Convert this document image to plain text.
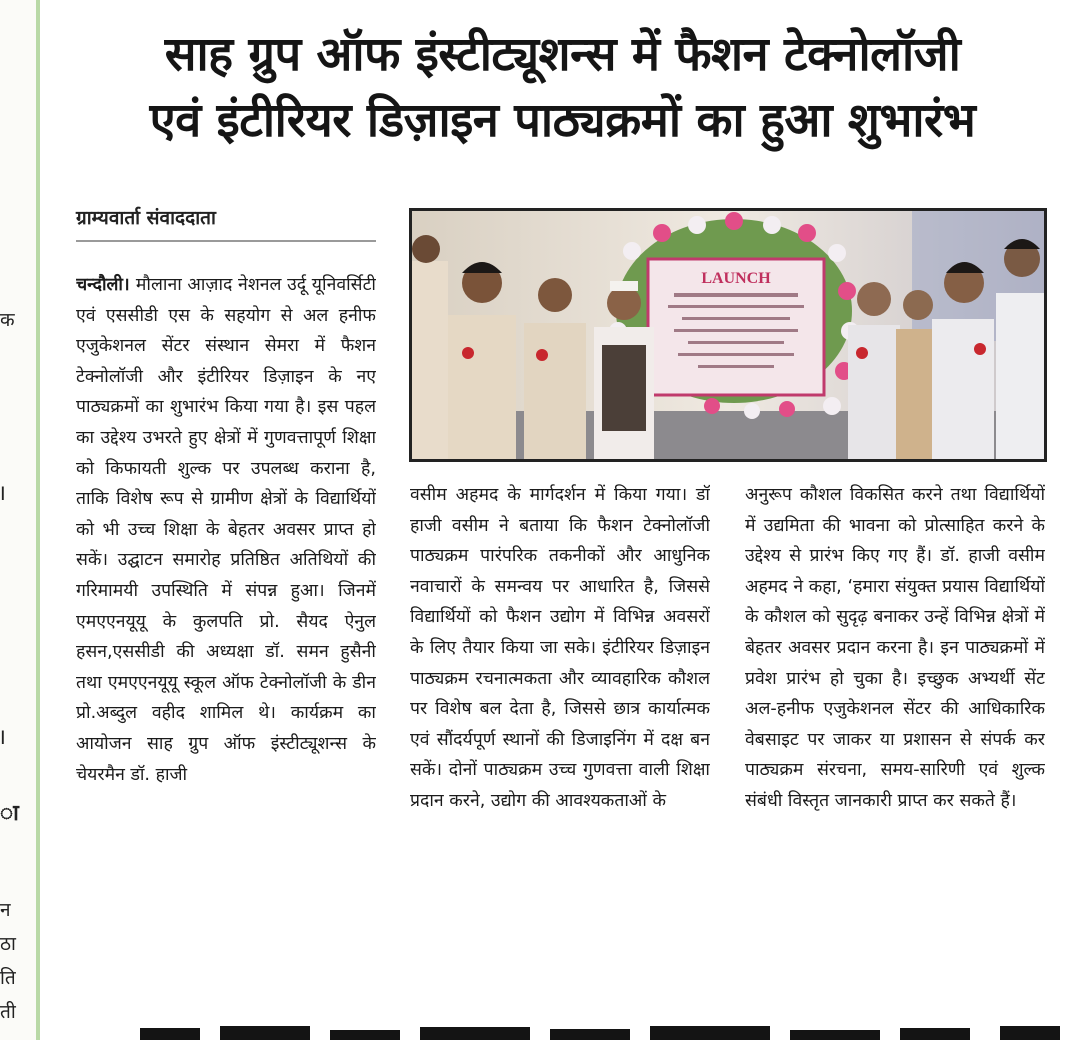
क
I
I
ा
न
ठा
ति
ती
साह ग्रुप ऑफ इंस्टीट्यूशन्स में फैशन टेक्नोलॉजी
एवं इंटीरियर डिज़ाइन पाठ्यक्रमों का हुआ शुभारंभ
ग्राम्यवार्ता संवाददाता
LAUNCH
चन्दौली। मौलाना आज़ाद नेशनल उर्दू यूनिवर्सिटी एवं एससीडी एस के सहयोग से अल हनीफ एजुकेशनल सेंटर संस्थान सेमरा में फैशन टेक्नोलॉजी और इंटीरियर डिज़ाइन के नए पाठ्यक्रमों का शुभारंभ किया गया है। इस पहल का उद्देश्य उभरते हुए क्षेत्रों में गुणवत्तापूर्ण शिक्षा को किफायती शुल्क पर उपलब्ध कराना है, ताकि विशेष रूप से ग्रामीण क्षेत्रों के विद्यार्थियों को भी उच्च शिक्षा के बेहतर अवसर प्राप्त हो सकें। उद्घाटन समारोह प्रतिष्ठित अतिथियों की गरिमामयी उपस्थिति में संपन्न हुआ। जिनमें एमएएनयूयू के कुलपति प्रो. सैयद ऐनुल हसन,एससीडी की अध्यक्षा डॉ. समन हुसैनी तथा एमएएनयूयू स्कूल ऑफ टेक्नोलॉजी के डीन प्रो.अब्दुल वहीद शामिल थे। कार्यक्रम का आयोजन साह ग्रुप ऑफ इंस्टीट्यूशन्स के चेयरमैन डॉ. हाजी
वसीम अहमद के मार्गदर्शन में किया गया। डॉ हाजी वसीम ने बताया कि फैशन टेक्नोलॉजी पाठ्यक्रम पारंपरिक तकनीकों और आधुनिक नवाचारों के समन्वय पर आधारित है, जिससे विद्यार्थियों को फैशन उद्योग में विभिन्न अवसरों के लिए तैयार किया जा सके। इंटीरियर डिज़ाइन पाठ्यक्रम रचनात्मकता और व्यावहारिक कौशल पर विशेष बल देता है, जिससे छात्र कार्यात्मक एवं सौंदर्यपूर्ण स्थानों की डिजाइनिंग में दक्ष बन सकें। दोनों पाठ्यक्रम उच्च गुणवत्ता वाली शिक्षा प्रदान करने, उद्योग की आवश्यकताओं के
अनुरूप कौशल विकसित करने तथा विद्यार्थियों में उद्यमिता की भावना को प्रोत्साहित करने के उद्देश्य से प्रारंभ किए गए हैं। डॉ. हाजी वसीम अहमद ने कहा, ‘हमारा संयुक्त प्रयास विद्यार्थियों के कौशल को सुदृढ़ बनाकर उन्हें विभिन्न क्षेत्रों में बेहतर अवसर प्रदान करना है। इन पाठ्यक्रमों में प्रवेश प्रारंभ हो चुका है। इच्छुक अभ्यर्थी सेंट अल-हनीफ एजुकेशनल सेंटर की आधिकारिक वेबसाइट पर जाकर या प्रशासन से संपर्क कर पाठ्यक्रम संरचना, समय-सारिणी एवं शुल्क संबंधी विस्तृत जानकारी प्राप्त कर सकते हैं।
